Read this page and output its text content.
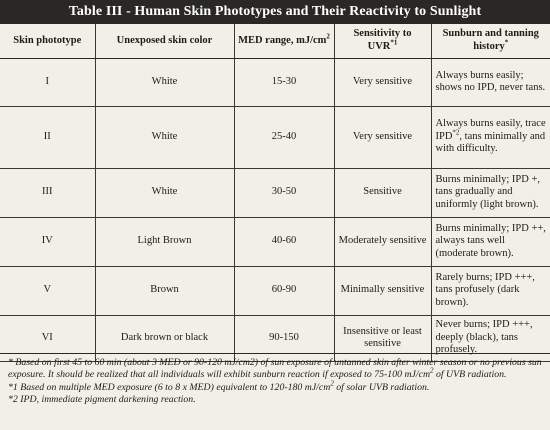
Table III - Human Skin Phototypes and Their Reactivity to Sunlight
Skin phototype	Unexposed skin color	MED range, $mJ/cm^2$	Sensitivity to UVR$^{*1}$	Sunburn and tanning history*
I	White	15-30	Very sensitive	Always burns easily; shows no IPD, never tans.
II	White	25-40	Very sensitive	Always burns easily, trace IPD$^{*2}$, tans minimally and with difficulty.
III	White	30-50	Sensitive	Burns minimally; IPD +, tans gradually and uniformly (light brown).
IV	Light Brown	40-60	Moderately sensitive	Burns minimally; IPD ++, always tans well (moderate brown).
V	Brown	60-90	Minimally sensitive	Rarely burns; IPD +++, tans profusely (dark brown).
VI	Dark brown or black	90-150	Insensitive or least sensitive	Never burns; IPD +++, deeply (black), tans profusely.

* Based on first 45 to 60 min (about 3 MED or 90-120 mJ/cm2) of sun exposure of untanned skin after winter season or no previous sun exposure. It should be realized that all individuals will exhibit sunburn reaction if exposed to 75-100 $mJ/cm^2$ of UVB radiation.

*1 Based on multiple MED exposure (6 to 8 x MED) equivalent to 120-180 $mJ/cm^2$ of solar UVB radiation.

*2 IPD, immediate pigment darkening reaction.
